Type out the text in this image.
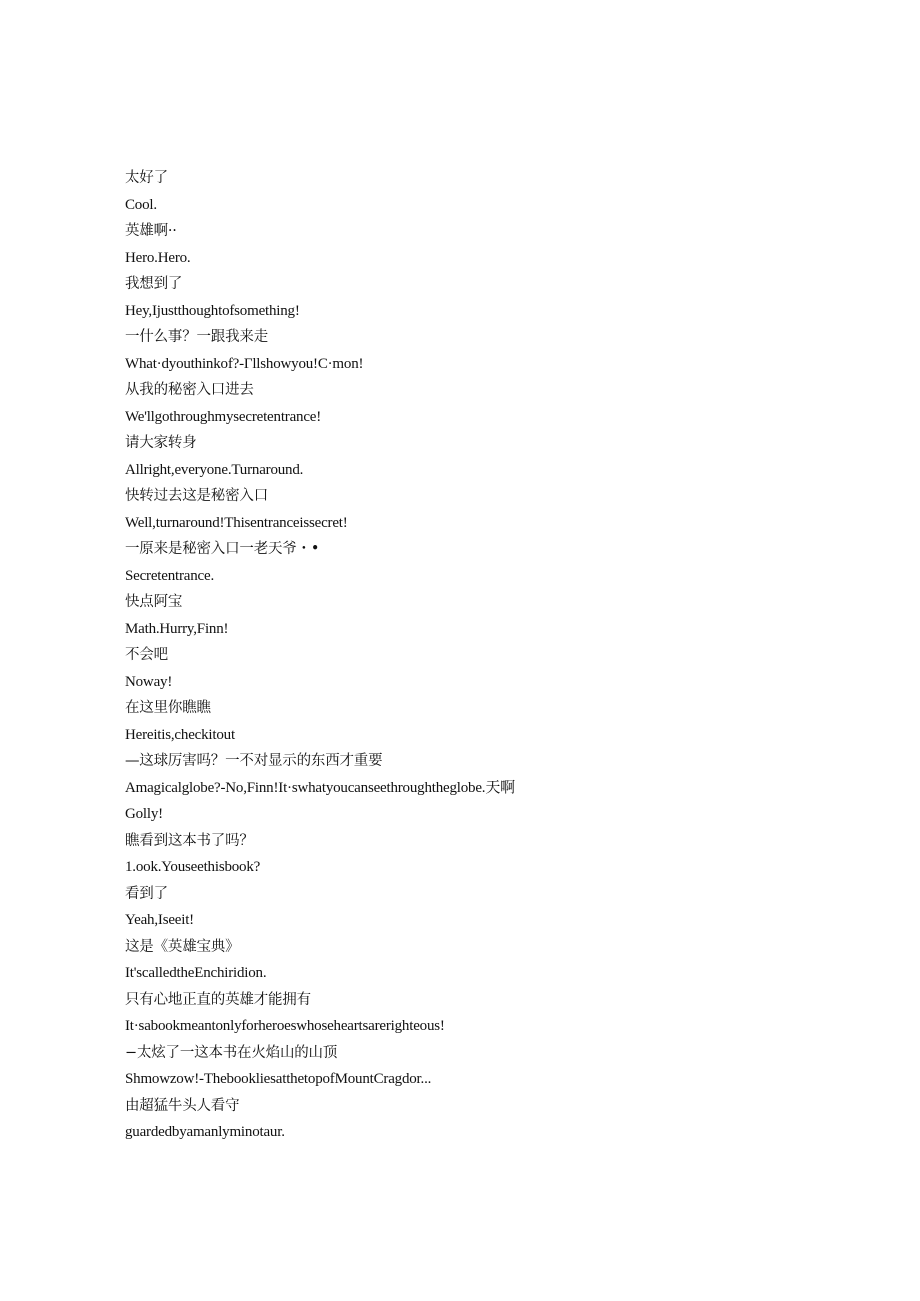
太好了
Cool.
英雄啊··
Hero.Hero.
我想到了
Hey,Ijustthoughtofsomething!
一什么事？一跟我来走
What·dyouthinkof?-Γllshowyou!C·mon!
从我的秘密入口进去
We'llgothroughmysecretentrance!
请大家转身
Allright,everyone.Turnaround.
快转过去这是秘密入口
Well,turnaround!Thisentranceissecret!
一原来是秘密入口一老天爷・•
Secretentrance.
快点阿宝
Math.Hurry,Finn!
不会吧
Noway!
在这里你瞧瞧
Hereitis,checkitout
—这球厉害吗？一不对显示的东西才重要
Amagicalglobe?-No,Finn!It·swhatyoucanseethroughtheglobe.天啊
Golly!
瞧看到这本书了吗？
1.ook.Youseethisbook?
看到了
Yeah,Iseeit!
这是《英雄宝典》
It'scalledtheEnchiridion.
只有心地正直的英雄才能拥有
It·sabookmeantonlyforheroeswhoseheartsarerighteous!
−太炫了一这本书在火焰山的山顶
Shmowzow!-ThebookliesatthetopofMountCragdor...
由超猛牛头人看守
guardedbyamanlyminotaur.
